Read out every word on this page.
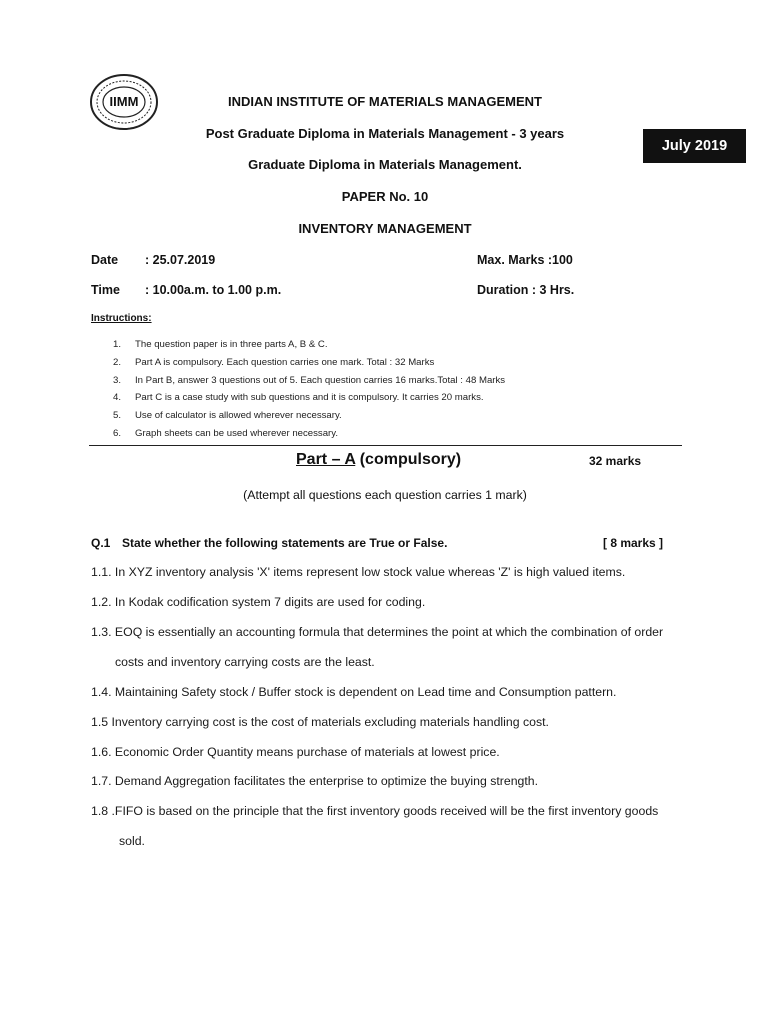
IIMM	INDIAN INSTITUTE OF MATERIALS MANAGEMENT
Post Graduate Diploma in Materials Management - 3 years
Graduate Diploma in Materials Management.
PAPER No. 10
INVENTORY MANAGEMENT
July 2019
Date : 25.07.2019	Max. Marks :100
Time : 10.00a.m. to 1.00 p.m.	Duration : 3 Hrs.
Instructions:
1. The question paper is in three parts A, B & C.
2. Part A is compulsory. Each question carries one mark. Total : 32 Marks
3. In Part B, answer 3 questions out of 5. Each question carries 16 marks.Total : 48 Marks
4. Part C is a case study with sub questions and it is compulsory. It carries 20 marks.
5. Use of calculator is allowed wherever necessary.
6. Graph sheets can be used wherever necessary.
Part – A (compulsory)	32 marks
(Attempt all questions each question carries 1 mark)
Q.1 State whether the following statements are True or False.	[ 8 marks ]
1.1. In XYZ inventory analysis 'X' items represent low stock value whereas 'Z' is high valued items.
1.2. In Kodak codification system 7 digits are used for coding.
1.3. EOQ is essentially an accounting formula that determines the point at which the combination of order
costs and inventory carrying costs are the least.
1.4. Maintaining Safety stock / Buffer stock is dependent on Lead time and Consumption pattern.
1.5 Inventory carrying cost is the cost of materials excluding materials handling cost.
1.6. Economic Order Quantity means purchase of materials at lowest price.
1.7. Demand Aggregation facilitates the enterprise to optimize the buying strength.
1.8 .FIFO is based on the principle that the first inventory goods received will be the first inventory goods
sold.
